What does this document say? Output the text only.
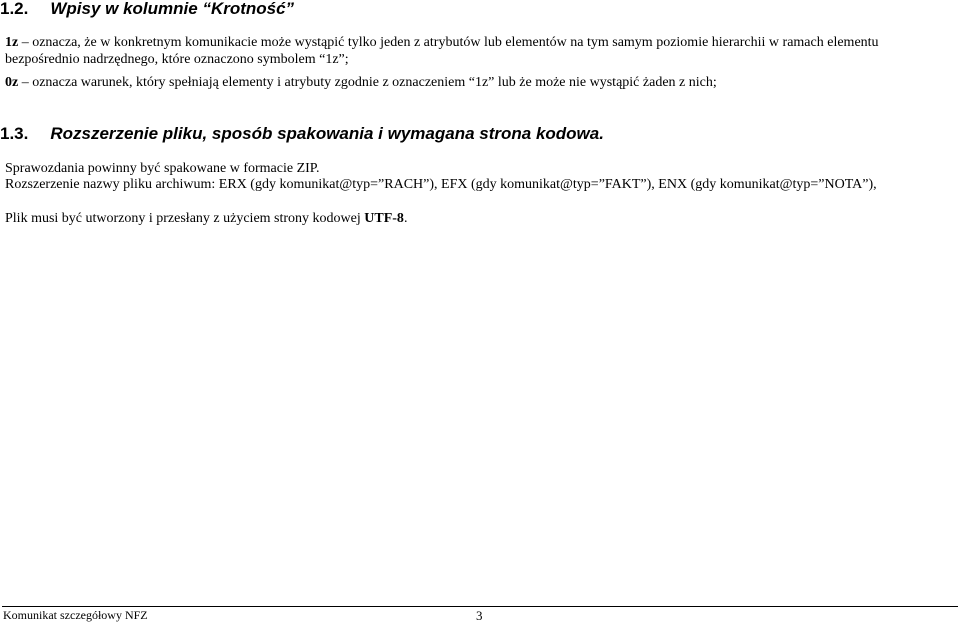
1.2. Wpisy w kolumnie “Krotność”
1z – oznacza, że w konkretnym komunikacie może wystąpić tylko jeden z atrybutów lub elementów na tym samym poziomie hierarchii w ramach elementu
bezpośrednio nadrzędnego, które oznaczono symbolem “1z”;
0z – oznacza warunek, który spełniają elementy i atrybuty zgodnie z oznaczeniem “1z” lub że może nie wystąpić żaden z nich;
1.3. Rozszerzenie pliku, sposób spakowania i wymagana strona kodowa.
Sprawozdania powinny być spakowane w formacie ZIP.
Rozszerzenie nazwy pliku archiwum: ERX (gdy komunikat@typ=”RACH”), EFX (gdy komunikat@typ=”FAKT”), ENX (gdy komunikat@typ=”NOTA”),
Plik musi być utworzony i przesłany z użyciem strony kodowej UTF-8.
Komunikat szczegółowy NFZ	3
